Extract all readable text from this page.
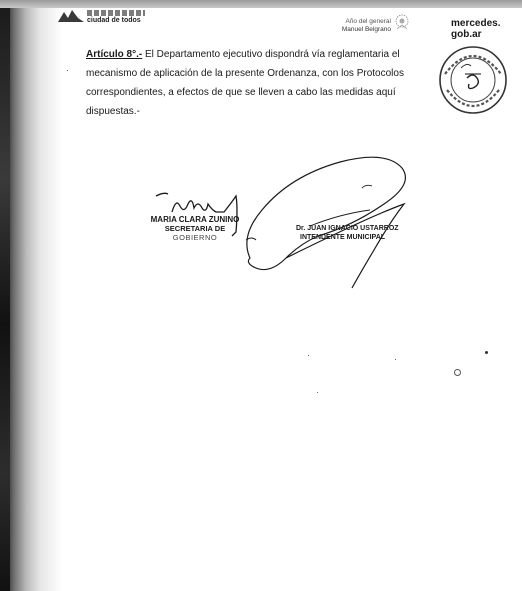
ciudad de todos	Año del general
Manuel Belgrano
mercedes.
gob.ar
Artículo 8°.- El Departamento ejecutivo dispondrá vía reglamentaria el mecanismo de aplicación de la presente Ordenanza, con los Protocolos correspondientes, a efectos de que se lleven a cabo las medidas aquí dispuestas.-
MARIA CLARA ZUNINO
SECRETARIA DE
GOBIERNO
Dr. JUAN IGNACIO USTARROZ
INTENDENTE MUNICIPAL
